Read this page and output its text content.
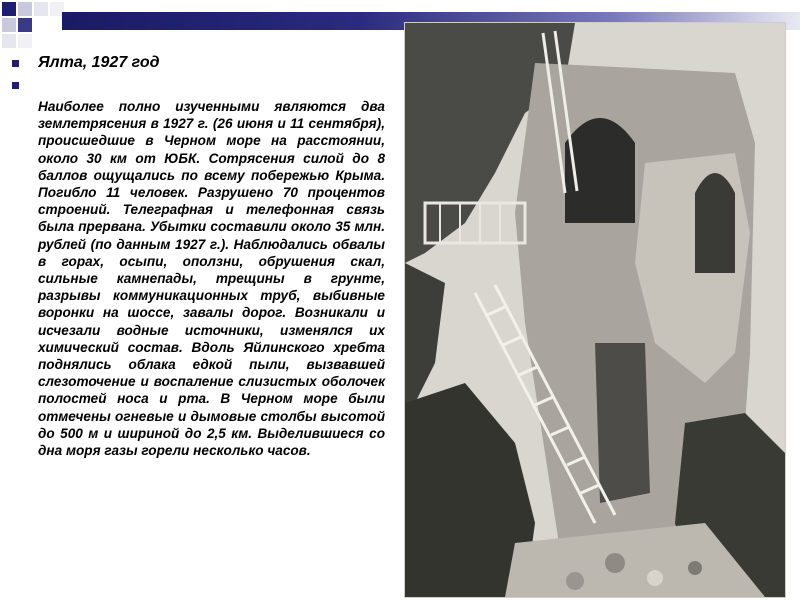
Ялта, 1927 год
Наиболее полно изученными являются два землетрясения в 1927 г. (26 июня и 11 сентября), происшедшие в Черном море на расстоянии, около 30 км от ЮБК. Сотрясения силой до 8 баллов ощущались по всему побережью Крыма. Погибло 11 человек. Разрушено 70 процентов строений. Телеграфная и телефонная связь была прервана. Убытки составили около 35 млн. рублей (по данным 1927 г.). Наблюдались обвалы в горах, осыпи, оползни, обрушения скал, сильные камнепады, трещины в грунте, разрывы коммуникационных труб, выбивные воронки на шоссе, завалы дорог. Возникали и исчезали водные источники, изменялся их химический состав. Вдоль Яйлинского хребта поднялись облака едкой пыли, вызвавшей слезоточение и воспаление слизистых оболочек полостей носа и рта. В Черном море были отмечены огневые и дымовые столбы высотой до 500 м и шириной до 2,5 км. Выделившиеся со дна моря газы горели несколько часов.
